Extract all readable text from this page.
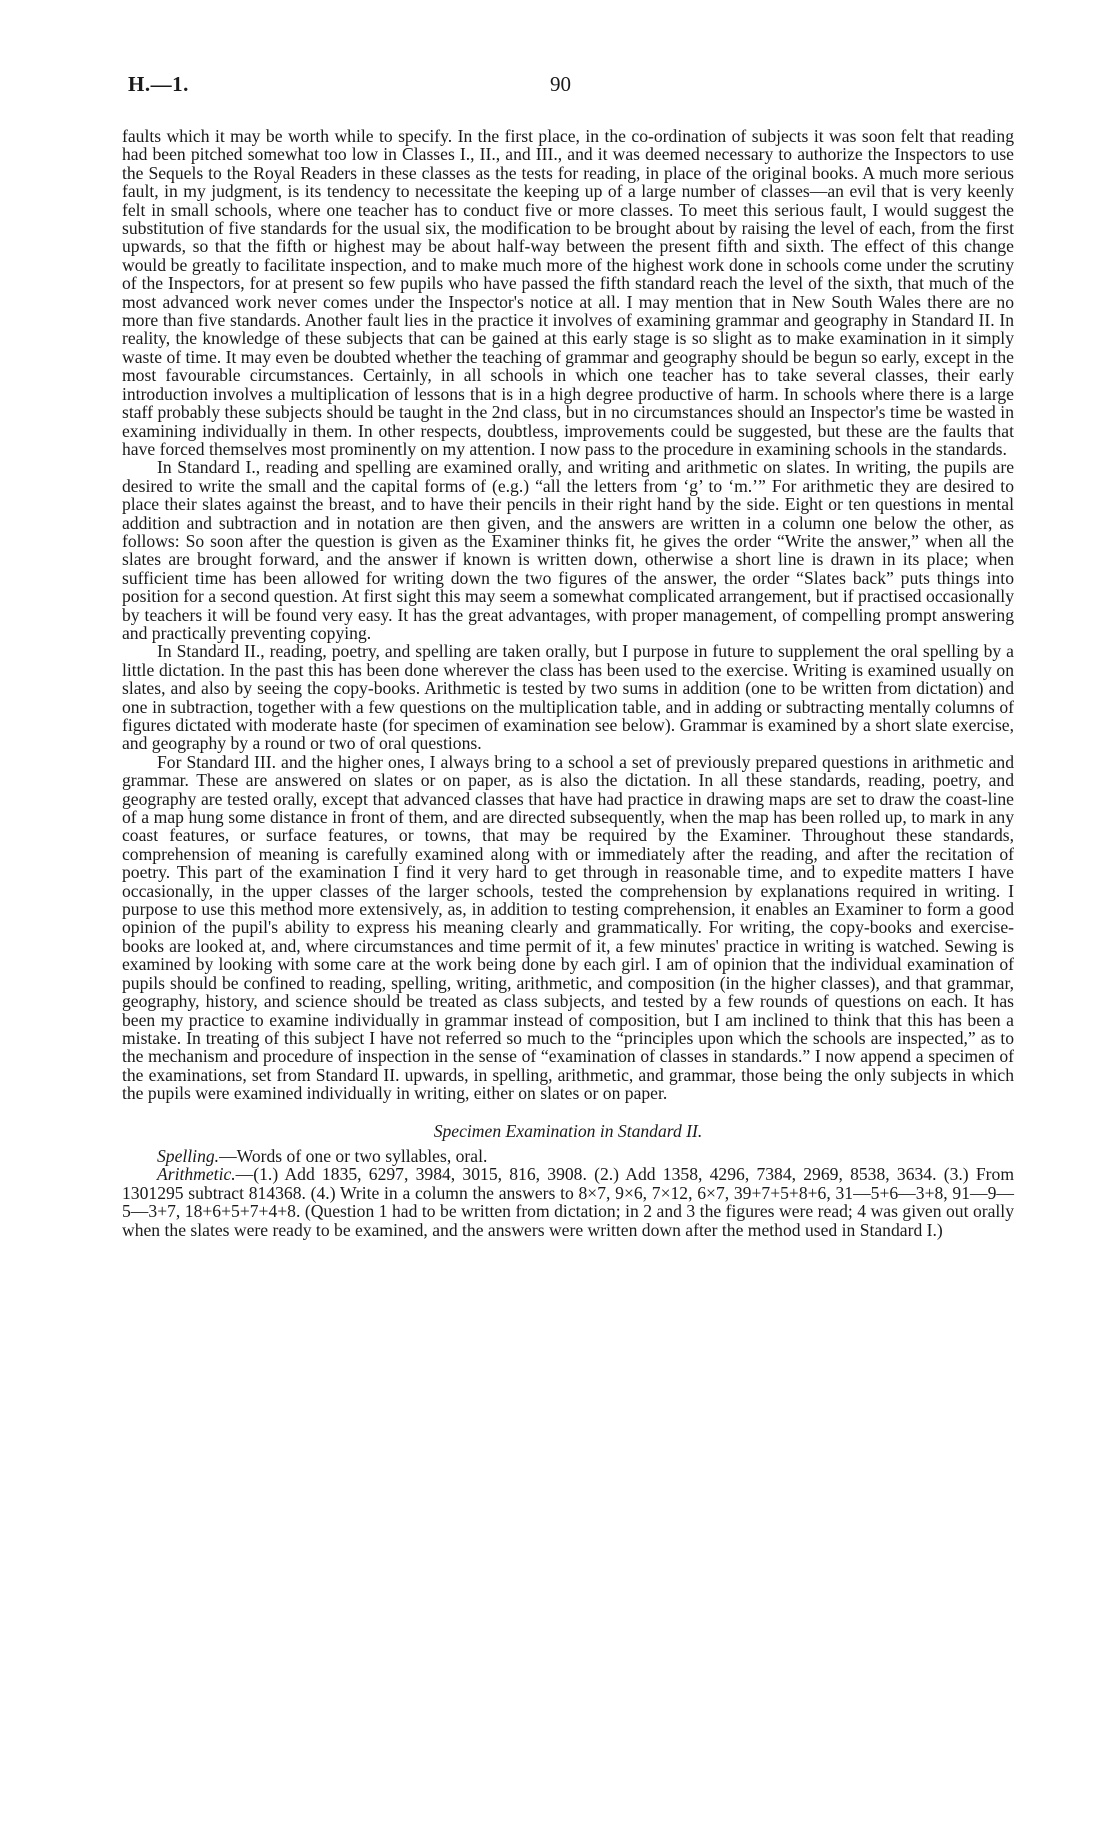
H.—1.	90

faults which it may be worth while to specify. In the first place, in the co-ordination of subjects it was soon felt that reading had been pitched somewhat too low in Classes I., II., and III., and it was deemed necessary to authorize the Inspectors to use the Sequels to the Royal Readers in these classes as the tests for reading, in place of the original books. A much more serious fault, in my judgment, is its tendency to necessitate the keeping up of a large number of classes—an evil that is very keenly felt in small schools, where one teacher has to conduct five or more classes. To meet this serious fault, I would suggest the substitution of five standards for the usual six, the modification to be brought about by raising the level of each, from the first upwards, so that the fifth or highest may be about half-way between the present fifth and sixth. The effect of this change would be greatly to facilitate inspection, and to make much more of the highest work done in schools come under the scrutiny of the Inspectors, for at present so few pupils who have passed the fifth standard reach the level of the sixth, that much of the most advanced work never comes under the Inspector's notice at all. I may mention that in New South Wales there are no more than five standards. Another fault lies in the practice it involves of examining grammar and geography in Standard II. In reality, the knowledge of these subjects that can be gained at this early stage is so slight as to make examination in it simply waste of time. It may even be doubted whether the teaching of grammar and geography should be begun so early, except in the most favourable circumstances. Certainly, in all schools in which one teacher has to take several classes, their early introduction involves a multiplication of lessons that is in a high degree productive of harm. In schools where there is a large staff probably these subjects should be taught in the 2nd class, but in no circumstances should an Inspector's time be wasted in examining individually in them. In other respects, doubtless, improvements could be suggested, but these are the faults that have forced themselves most prominently on my attention. I now pass to the procedure in examining schools in the standards.

In Standard I., reading and spelling are examined orally, and writing and arithmetic on slates. In writing, the pupils are desired to write the small and the capital forms of (e.g.) “all the letters from ‘g’ to ‘m.’” For arithmetic they are desired to place their slates against the breast, and to have their pencils in their right hand by the side. Eight or ten questions in mental addition and subtraction and in notation are then given, and the answers are written in a column one below the other, as follows: So soon after the question is given as the Examiner thinks fit, he gives the order “Write the answer,” when all the slates are brought forward, and the answer if known is written down, otherwise a short line is drawn in its place; when sufficient time has been allowed for writing down the two figures of the answer, the order “Slates back” puts things into position for a second question. At first sight this may seem a somewhat complicated arrangement, but if practised occasionally by teachers it will be found very easy. It has the great advantages, with proper management, of compelling prompt answering and practically preventing copying.

In Standard II., reading, poetry, and spelling are taken orally, but I purpose in future to supplement the oral spelling by a little dictation. In the past this has been done wherever the class has been used to the exercise. Writing is examined usually on slates, and also by seeing the copy-books. Arithmetic is tested by two sums in addition (one to be written from dictation) and one in subtraction, together with a few questions on the multiplication table, and in adding or subtracting mentally columns of figures dictated with moderate haste (for specimen of examination see below). Grammar is examined by a short slate exercise, and geography by a round or two of oral questions.

For Standard III. and the higher ones, I always bring to a school a set of previously prepared questions in arithmetic and grammar. These are answered on slates or on paper, as is also the dictation. In all these standards, reading, poetry, and geography are tested orally, except that advanced classes that have had practice in drawing maps are set to draw the coast-line of a map hung some distance in front of them, and are directed subsequently, when the map has been rolled up, to mark in any coast features, or surface features, or towns, that may be required by the Examiner. Throughout these standards, comprehension of meaning is carefully examined along with or immediately after the reading, and after the recitation of poetry. This part of the examination I find it very hard to get through in reasonable time, and to expedite matters I have occasionally, in the upper classes of the larger schools, tested the comprehension by explanations required in writing. I purpose to use this method more extensively, as, in addition to testing comprehension, it enables an Examiner to form a good opinion of the pupil's ability to express his meaning clearly and grammatically. For writing, the copy-books and exercise-books are looked at, and, where circumstances and time permit of it, a few minutes' practice in writing is watched. Sewing is examined by looking with some care at the work being done by each girl. I am of opinion that the individual examination of pupils should be confined to reading, spelling, writing, arithmetic, and composition (in the higher classes), and that grammar, geography, history, and science should be treated as class subjects, and tested by a few rounds of questions on each. It has been my practice to examine individually in grammar instead of composition, but I am inclined to think that this has been a mistake. In treating of this subject I have not referred so much to the “principles upon which the schools are inspected,” as to the mechanism and procedure of inspection in the sense of “examination of classes in standards.” I now append a specimen of the examinations, set from Standard II. upwards, in spelling, arithmetic, and grammar, those being the only subjects in which the pupils were examined individually in writing, either on slates or on paper.

Specimen Examination in Standard II.

Spelling.—Words of one or two syllables, oral.

Arithmetic.—(1.) Add 1835, 6297, 3984, 3015, 816, 3908. (2.) Add 1358, 4296, 7384, 2969, 8538, 3634. (3.) From 1301295 subtract 814368. (4.) Write in a column the answers to 8×7, 9×6, 7×12, 6×7, 39+7+5+8+6, 31—5+6—3+8, 91—9—5—3+7, 18+6+5+7+4+8. (Question 1 had to be written from dictation; in 2 and 3 the figures were read; 4 was given out orally when the slates were ready to be examined, and the answers were written down after the method used in Standard I.)
